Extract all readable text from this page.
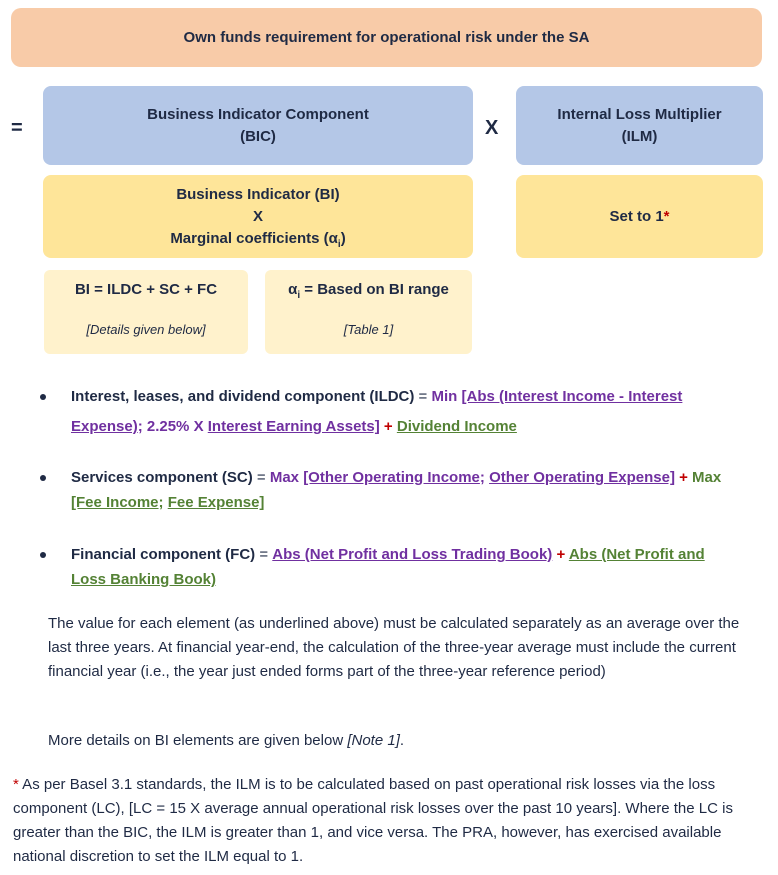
Own funds requirement for operational risk under the SA
=	X
Business Indicator Component
(BIC)
Internal Loss Multiplier
(ILM)
Business Indicator (BI)
X
Marginal coefficients $(\alpha_i)$
Set to 1*
BI = ILDC + SC + FC
[Details given below]
$\alpha_i$ = Based on BI range
[Table 1]
Interest, leases, and dividend component (ILDC) = Min [Abs (Interest Income - Interest Expense); 2.25% X Interest Earning Assets] + Dividend Income
Services component (SC) = Max [Other Operating Income; Other Operating Expense] + Max [Fee Income; Fee Expense]
Financial component (FC) = Abs (Net Profit and Loss Trading Book) + Abs (Net Profit and Loss Banking Book)
The value for each element (as underlined above) must be calculated separately as an average over the last three years. At financial year-end, the calculation of the three-year average must include the current financial year (i.e., the year just ended forms part of the three-year reference period)
More details on BI elements are given below [Note 1].
* As per Basel 3.1 standards, the ILM is to be calculated based on past operational risk losses via the loss component (LC), [LC = 15 X average annual operational risk losses over the past 10 years]. Where the LC is greater than the BIC, the ILM is greater than 1, and vice versa. The PRA, however, has exercised available national discretion to set the ILM equal to 1.
